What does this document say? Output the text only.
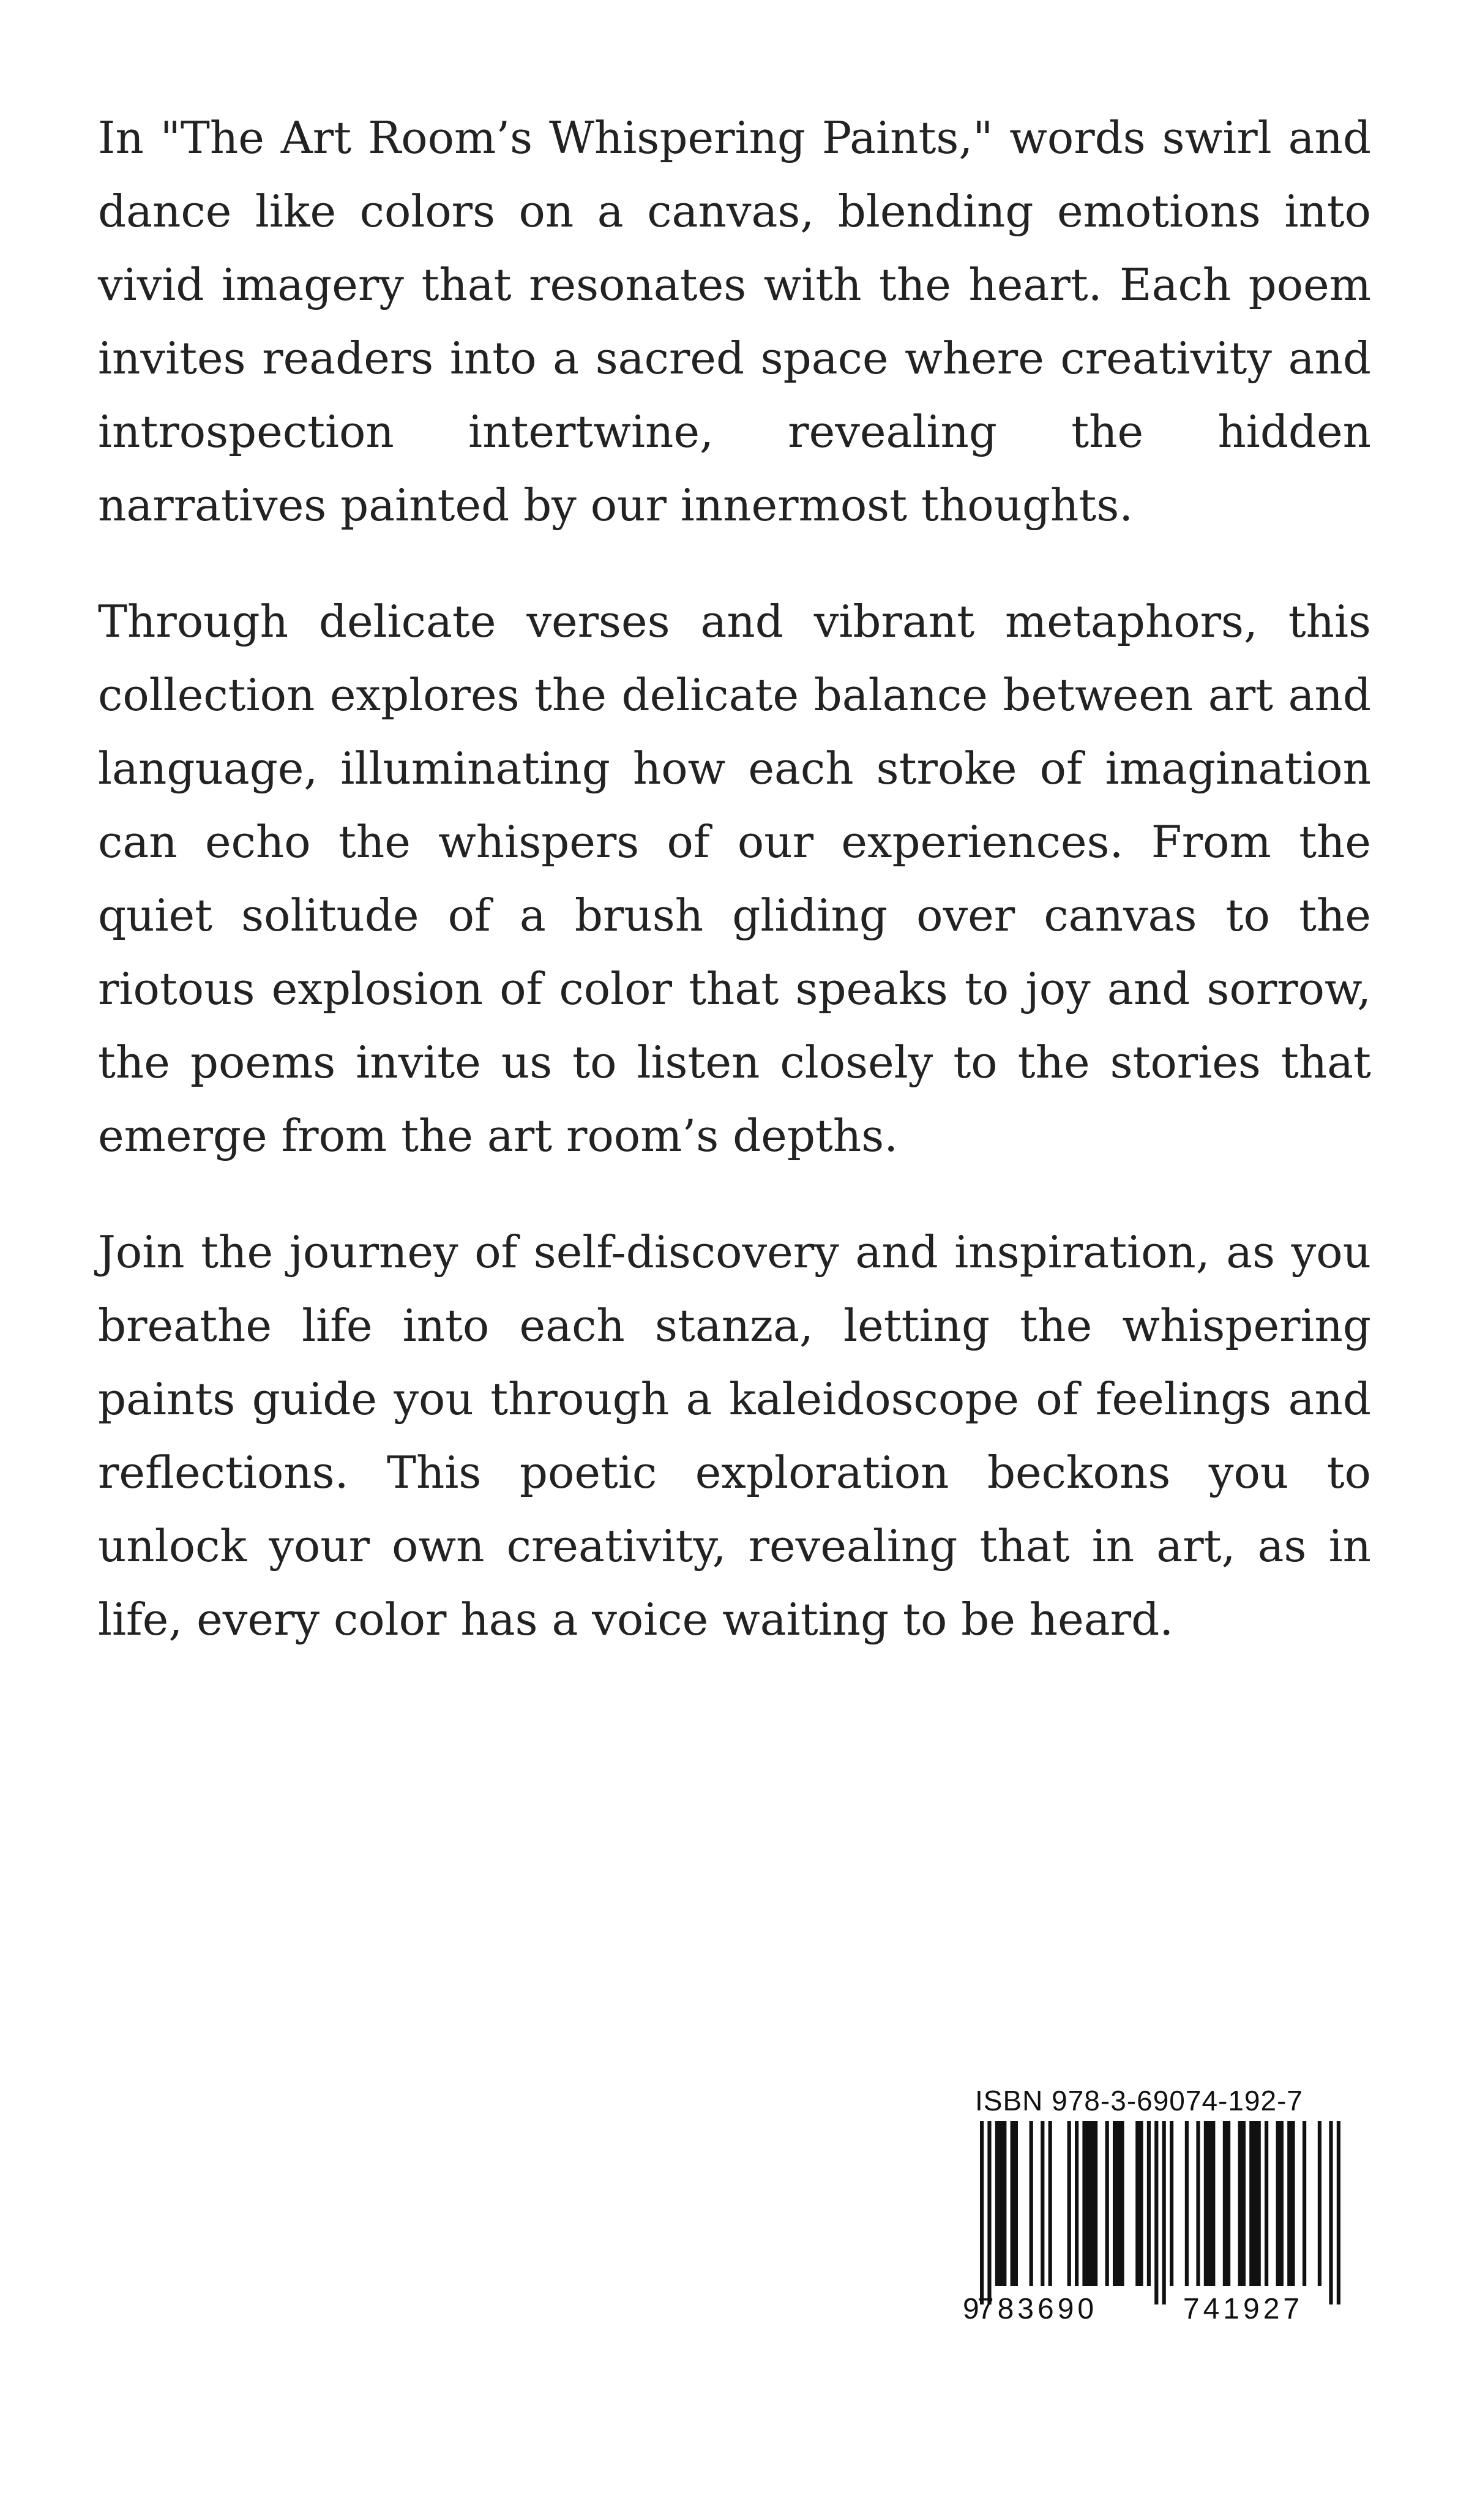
In "The Art Room’s Whispering Paints," words swirl and dance like colors on a canvas, blending emotions into vivid imagery that resonates with the heart. Each poem invites readers into a sacred space where creativity and introspection intertwine, revealing the hidden narratives painted by our innermost thoughts.

Through delicate verses and vibrant metaphors, this collection explores the delicate balance between art and language, illuminating how each stroke of imagination can echo the whispers of our experiences. From the quiet solitude of a brush gliding over canvas to the riotous explosion of color that speaks to joy and sorrow, the poems invite us to listen closely to the stories that emerge from the art room’s depths.

Join the journey of self-discovery and inspiration, as you breathe life into each stanza, letting the whispering paints guide you through a kaleidoscope of feelings and reflections. This poetic exploration beckons you to unlock your own creativity, revealing that in art, as in life, every color has a voice waiting to be heard.

ISBN 978-3-69074-192-7
9
783690	741927
